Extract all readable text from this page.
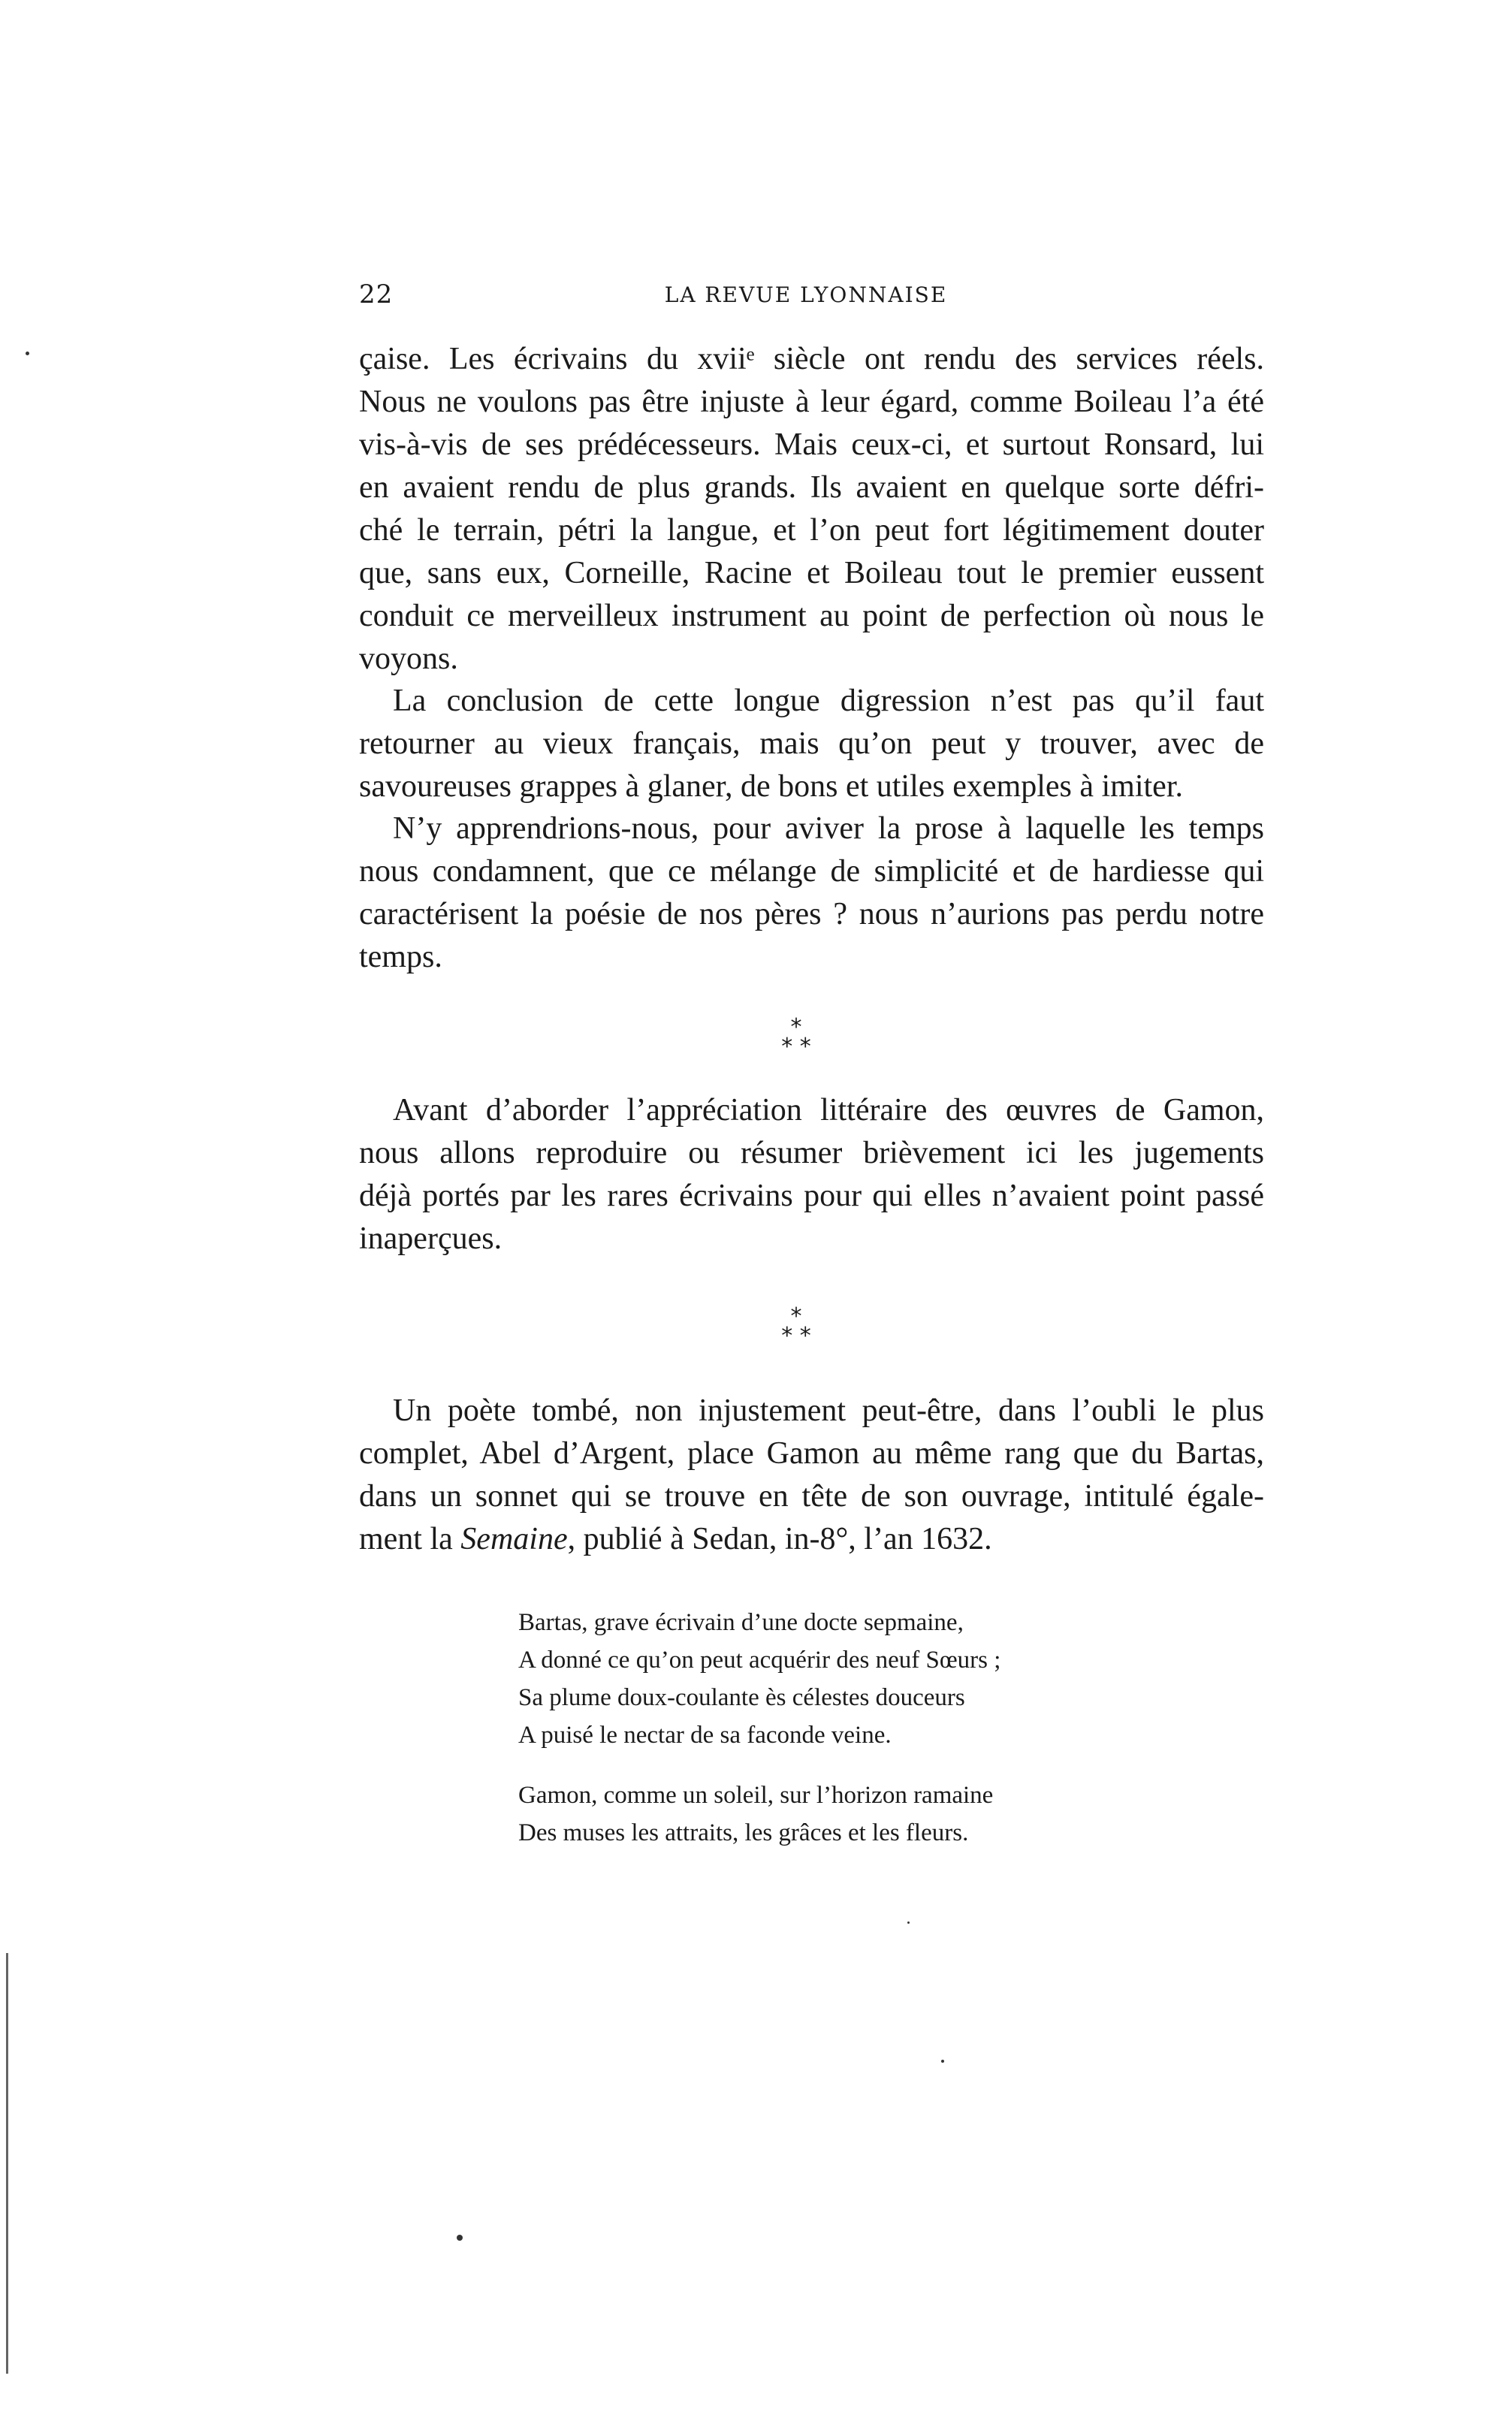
22	LA REVUE LYONNAISE
çaise. Les écrivains du xviiᵉ siècle ont rendu des services réels.
Nous ne voulons pas être injuste à leur égard, comme Boileau l’a été
vis-à-vis de ses prédécesseurs. Mais ceux-ci, et surtout Ronsard, lui
en avaient rendu de plus grands. Ils avaient en quelque sorte défri-
ché le terrain, pétri la langue, et l’on peut fort légitimement douter
que, sans eux, Corneille, Racine et Boileau tout le premier eussent
conduit ce merveilleux instrument au point de perfection où nous le
voyons.
La conclusion de cette longue digression n’est pas qu’il faut
retourner au vieux français, mais qu’on peut y trouver, avec de
savoureuses grappes à glaner, de bons et utiles exemples à imiter.
N’y apprendrions-nous, pour aviver la prose à laquelle les temps
nous condamnent, que ce mélange de simplicité et de hardiesse qui
caractérisent la poésie de nos pères ? nous n’aurions pas perdu notre
temps.
*
* *
Avant d’aborder l’appréciation littéraire des œuvres de Gamon,
nous allons reproduire ou résumer brièvement ici les jugements
déjà portés par les rares écrivains pour qui elles n’avaient point passé
inaperçues.
*
* *
Un poète tombé, non injustement peut-être, dans l’oubli le plus
complet, Abel d’Argent, place Gamon au même rang que du Bartas,
dans un sonnet qui se trouve en tête de son ouvrage, intitulé égale-
ment la Semaine, publié à Sedan, in-8°, l’an 1632.
Bartas, grave écrivain d’une docte sepmaine,
A donné ce qu’on peut acquérir des neuf Sœurs ;
Sa plume doux-coulante ès célestes douceurs
A puisé le nectar de sa faconde veine.
Gamon, comme un soleil, sur l’horizon ramaine
Des muses les attraits, les grâces et les fleurs.
